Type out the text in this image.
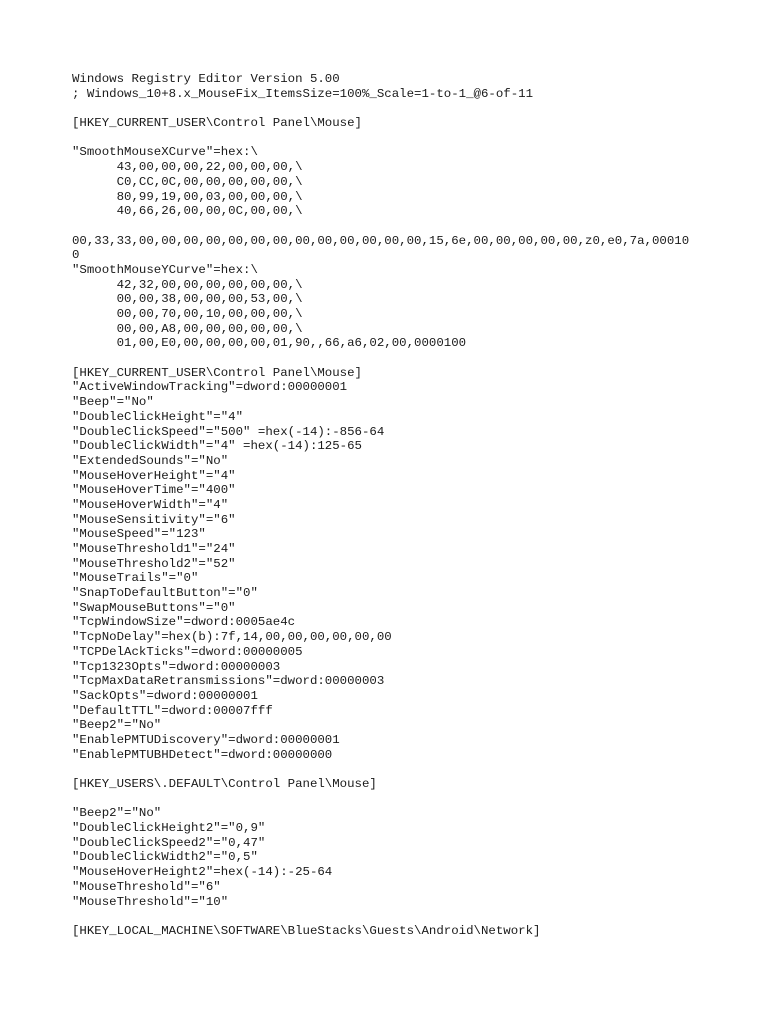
Windows Registry Editor Version 5.00
; Windows_10+8.x_MouseFix_ItemsSize=100%_Scale=1-to-1_@6-of-11
[HKEY_CURRENT_USER\Control Panel\Mouse]
"SmoothMouseXCurve"=hex:\
43,00,00,00,22,00,00,00,\
C0,CC,0C,00,00,00,00,00,\
80,99,19,00,03,00,00,00,\
40,66,26,00,00,0C,00,00,\
00,33,33,00,00,00,00,00,00,00,00,00,00,00,00,00,15,6e,00,00,00,00,00,z0,e0,7a,00010
0
"SmoothMouseYCurve"=hex:\
42,32,00,00,00,00,00,00,\
00,00,38,00,00,00,53,00,\
00,00,70,00,10,00,00,00,\
00,00,A8,00,00,00,00,00,\
01,00,E0,00,00,00,00,01,90,,66,a6,02,00,0000100
[HKEY_CURRENT_USER\Control Panel\Mouse]
"ActiveWindowTracking"=dword:00000001
"Beep"="No"
"DoubleClickHeight"="4"
"DoubleClickSpeed"="500" =hex(-14):-856-64
"DoubleClickWidth"="4" =hex(-14):125-65
"ExtendedSounds"="No"
"MouseHoverHeight"="4"
"MouseHoverTime"="400"
"MouseHoverWidth"="4"
"MouseSensitivity"="6"
"MouseSpeed"="123"
"MouseThreshold1"="24"
"MouseThreshold2"="52"
"MouseTrails"="0"
"SnapToDefaultButton"="0"
"SwapMouseButtons"="0"
"TcpWindowSize"=dword:0005ae4c
"TcpNoDelay"=hex(b):7f,14,00,00,00,00,00,00
"TCPDelAckTicks"=dword:00000005
"Tcp1323Opts"=dword:00000003
"TcpMaxDataRetransmissions"=dword:00000003
"SackOpts"=dword:00000001
"DefaultTTL"=dword:00007fff
"Beep2"="No"
"EnablePMTUDiscovery"=dword:00000001
"EnablePMTUBHDetect"=dword:00000000
[HKEY_USERS\.DEFAULT\Control Panel\Mouse]
"Beep2"="No"
"DoubleClickHeight2"="0,9"
"DoubleClickSpeed2"="0,47"
"DoubleClickWidth2"="0,5"
"MouseHoverHeight2"=hex(-14):-25-64
"MouseThreshold"="6"
"MouseThreshold"="10"
[HKEY_LOCAL_MACHINE\SOFTWARE\BlueStacks\Guests\Android\Network]
